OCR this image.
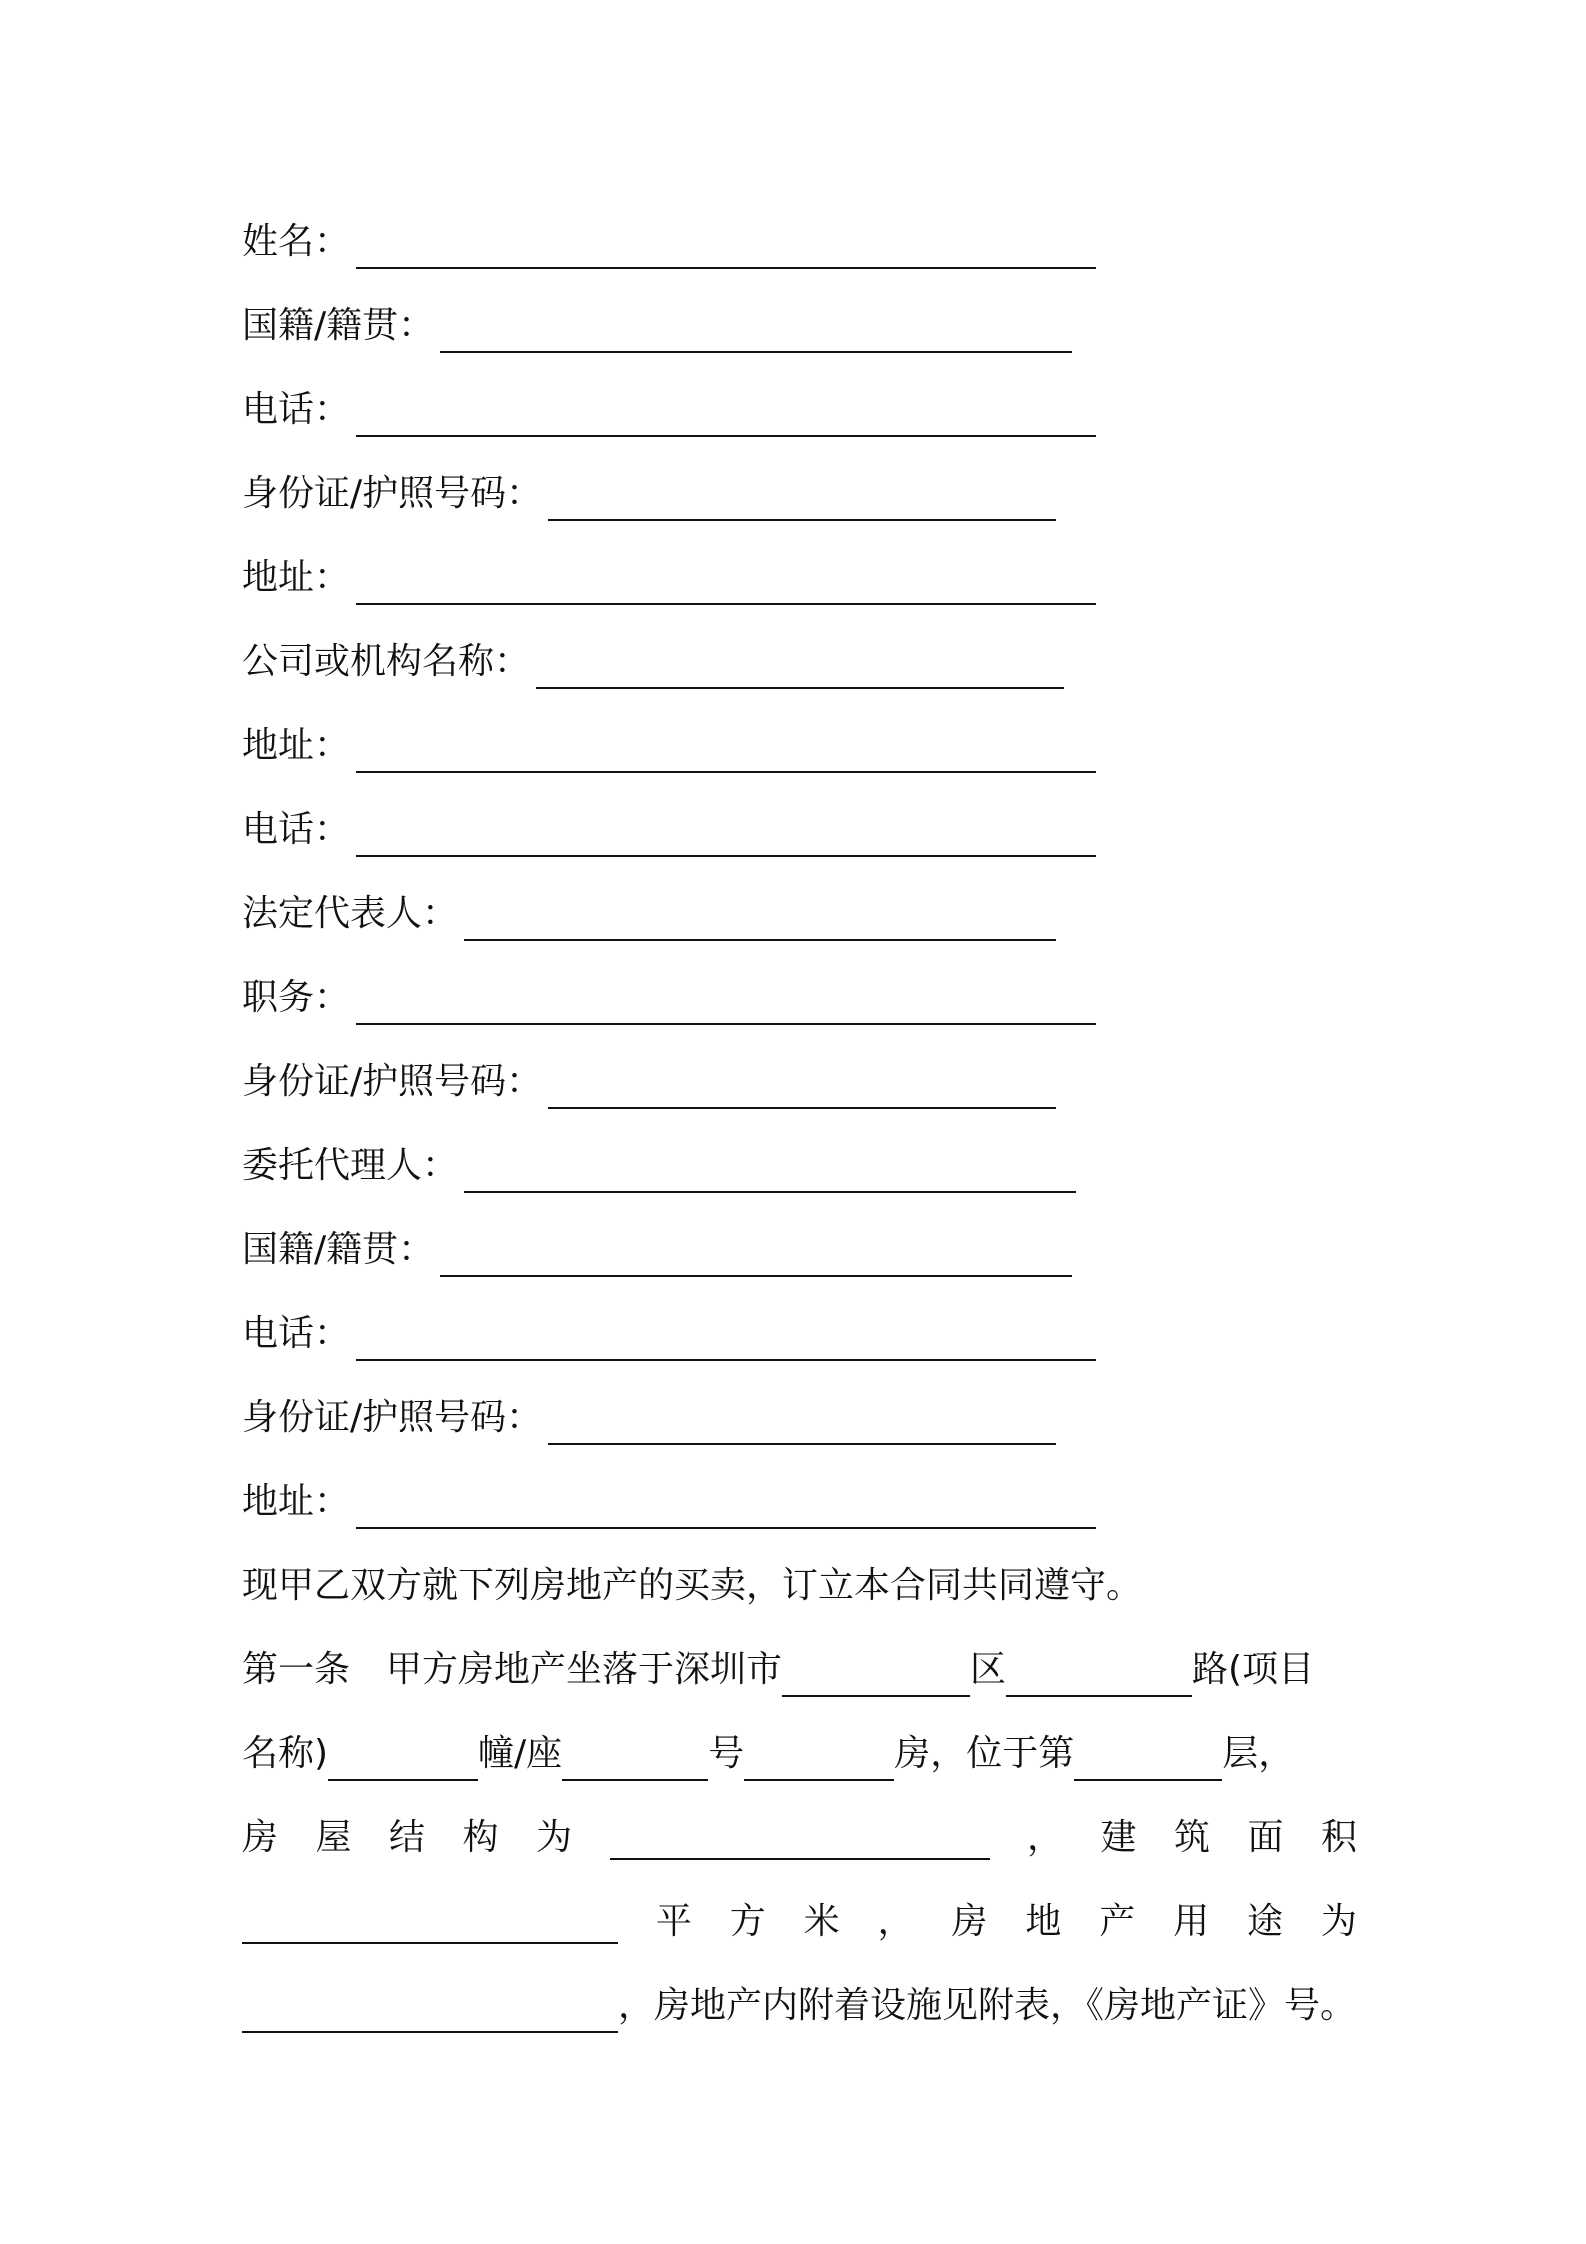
姓名：
国籍/籍贯：
电话：
身份证/护照号码：
地址：
公司或机构名称：
地址：
电话：
法定代表人：
职务：
身份证/护照号码：
委托代理人：
国籍/籍贯：
电话：
身份证/护照号码：
地址：
现甲乙双方就下列房地产的买卖，订立本合同共同遵守。
第一条 甲方房地产坐落于深圳市	区	路(项目
名称)	幢/座	号	房，位于第	层，
房 屋 结 构 为	， 建 筑 面 积
平 方 米 ， 房 地 产 用 途 为
，房地产内附着设施见附表，《房地产证》号。
